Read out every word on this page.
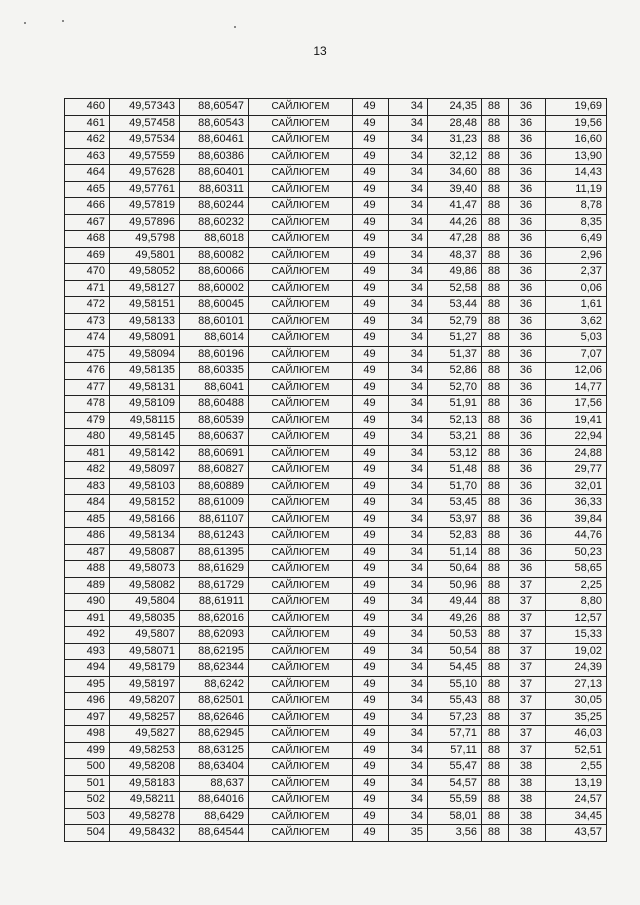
13
460	49,57343	88,60547	САЙЛЮГЕМ	49	34	24,35	88	36	19,69
461	49,57458	88,60543	САЙЛЮГЕМ	49	34	28,48	88	36	19,56
462	49,57534	88,60461	САЙЛЮГЕМ	49	34	31,23	88	36	16,60
463	49,57559	88,60386	САЙЛЮГЕМ	49	34	32,12	88	36	13,90
464	49,57628	88,60401	САЙЛЮГЕМ	49	34	34,60	88	36	14,43
465	49,57761	88,60311	САЙЛЮГЕМ	49	34	39,40	88	36	11,19
466	49,57819	88,60244	САЙЛЮГЕМ	49	34	41,47	88	36	8,78
467	49,57896	88,60232	САЙЛЮГЕМ	49	34	44,26	88	36	8,35
468	49,5798	88,6018	САЙЛЮГЕМ	49	34	47,28	88	36	6,49
469	49,5801	88,60082	САЙЛЮГЕМ	49	34	48,37	88	36	2,96
470	49,58052	88,60066	САЙЛЮГЕМ	49	34	49,86	88	36	2,37
471	49,58127	88,60002	САЙЛЮГЕМ	49	34	52,58	88	36	0,06
472	49,58151	88,60045	САЙЛЮГЕМ	49	34	53,44	88	36	1,61
473	49,58133	88,60101	САЙЛЮГЕМ	49	34	52,79	88	36	3,62
474	49,58091	88,6014	САЙЛЮГЕМ	49	34	51,27	88	36	5,03
475	49,58094	88,60196	САЙЛЮГЕМ	49	34	51,37	88	36	7,07
476	49,58135	88,60335	САЙЛЮГЕМ	49	34	52,86	88	36	12,06
477	49,58131	88,6041	САЙЛЮГЕМ	49	34	52,70	88	36	14,77
478	49,58109	88,60488	САЙЛЮГЕМ	49	34	51,91	88	36	17,56
479	49,58115	88,60539	САЙЛЮГЕМ	49	34	52,13	88	36	19,41
480	49,58145	88,60637	САЙЛЮГЕМ	49	34	53,21	88	36	22,94
481	49,58142	88,60691	САЙЛЮГЕМ	49	34	53,12	88	36	24,88
482	49,58097	88,60827	САЙЛЮГЕМ	49	34	51,48	88	36	29,77
483	49,58103	88,60889	САЙЛЮГЕМ	49	34	51,70	88	36	32,01
484	49,58152	88,61009	САЙЛЮГЕМ	49	34	53,45	88	36	36,33
485	49,58166	88,61107	САЙЛЮГЕМ	49	34	53,97	88	36	39,84
486	49,58134	88,61243	САЙЛЮГЕМ	49	34	52,83	88	36	44,76
487	49,58087	88,61395	САЙЛЮГЕМ	49	34	51,14	88	36	50,23
488	49,58073	88,61629	САЙЛЮГЕМ	49	34	50,64	88	36	58,65
489	49,58082	88,61729	САЙЛЮГЕМ	49	34	50,96	88	37	2,25
490	49,5804	88,61911	САЙЛЮГЕМ	49	34	49,44	88	37	8,80
491	49,58035	88,62016	САЙЛЮГЕМ	49	34	49,26	88	37	12,57
492	49,5807	88,62093	САЙЛЮГЕМ	49	34	50,53	88	37	15,33
493	49,58071	88,62195	САЙЛЮГЕМ	49	34	50,54	88	37	19,02
494	49,58179	88,62344	САЙЛЮГЕМ	49	34	54,45	88	37	24,39
495	49,58197	88,6242	САЙЛЮГЕМ	49	34	55,10	88	37	27,13
496	49,58207	88,62501	САЙЛЮГЕМ	49	34	55,43	88	37	30,05
497	49,58257	88,62646	САЙЛЮГЕМ	49	34	57,23	88	37	35,25
498	49,5827	88,62945	САЙЛЮГЕМ	49	34	57,71	88	37	46,03
499	49,58253	88,63125	САЙЛЮГЕМ	49	34	57,11	88	37	52,51
500	49,58208	88,63404	САЙЛЮГЕМ	49	34	55,47	88	38	2,55
501	49,58183	88,637	САЙЛЮГЕМ	49	34	54,57	88	38	13,19
502	49,58211	88,64016	САЙЛЮГЕМ	49	34	55,59	88	38	24,57
503	49,58278	88,6429	САЙЛЮГЕМ	49	34	58,01	88	38	34,45
504	49,58432	88,64544	САЙЛЮГЕМ	49	35	3,56	88	38	43,57
